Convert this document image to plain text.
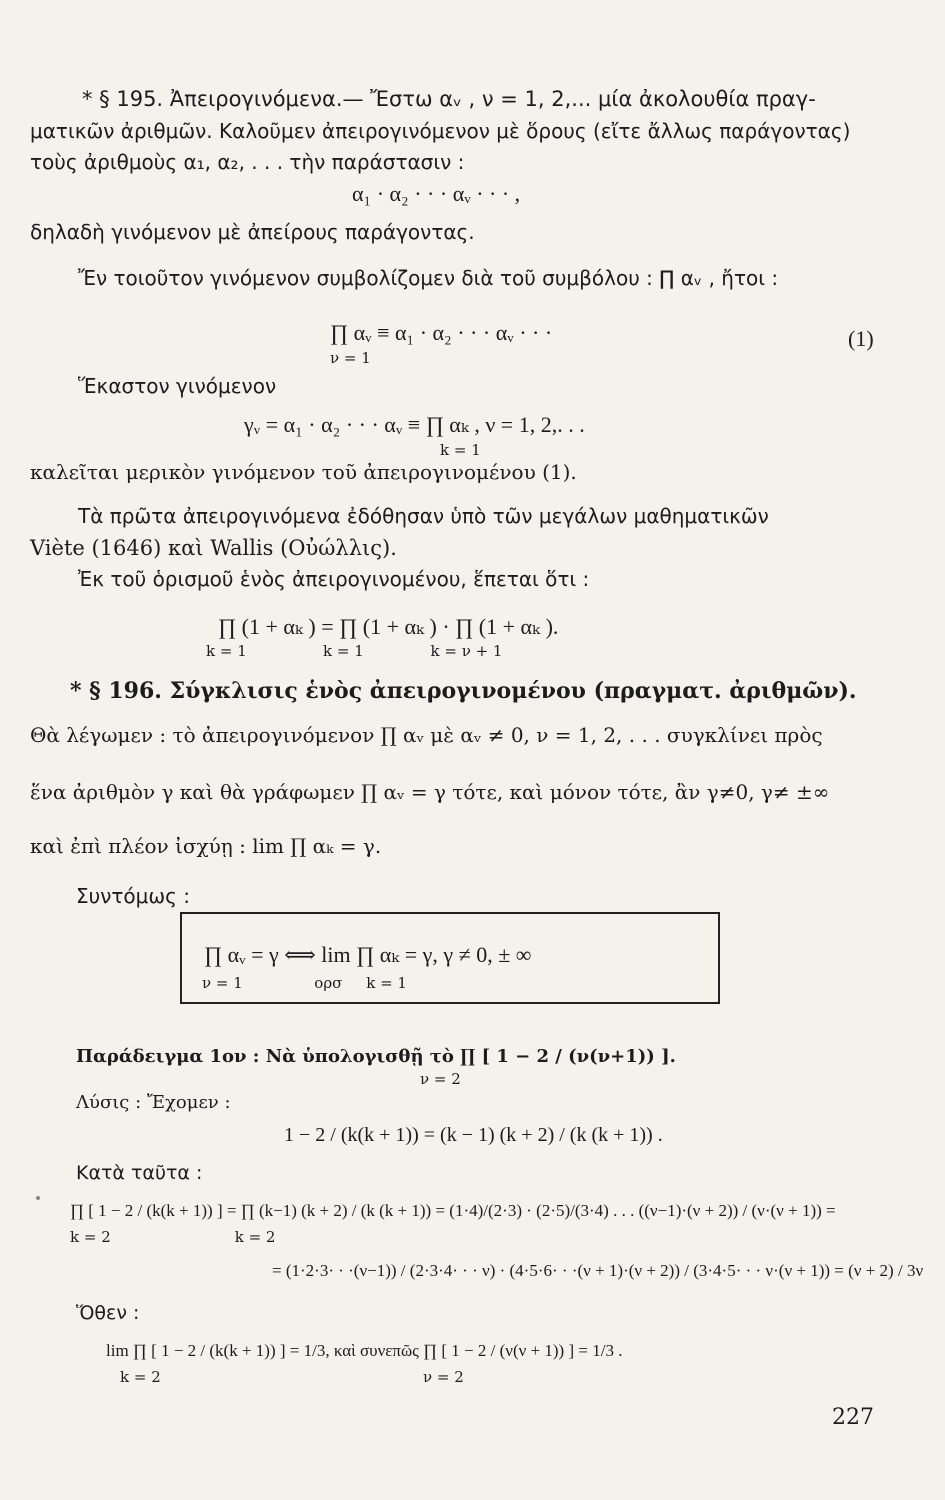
* § 195. Ἀπειρογινόμενα.— Ἔστω αᵥ , ν = 1, 2,... μία ἀκολουθία πραγ-
ματικῶν ἀριθμῶν. Καλοῦμεν ἀπειρογινόμενον μὲ ὅρους (εἴτε ἄλλως παράγοντας)
τοὺς ἀριθμοὺς α₁, α₂, . . . τὴν παράστασιν :
α₁ · α₂ · · · αᵥ · · · ,
δηλαδὴ γινόμενον μὲ ἀπείρους παράγοντας.
Ἔν τοιοῦτον γινόμενον συμβολίζομεν διὰ τοῦ συμβόλου : ∏ αᵥ , ἤτοι :
∏ αᵥ ≡ α₁ · α₂ · · · αᵥ · · ·
ν = 1
(1)
Ἕκαστον γινόμενον
γᵥ = α₁ · α₂ · · · αᵥ ≡ ∏ αₖ , ν = 1, 2,. . .
k = 1
καλεῖται μερικὸν γινόμενον τοῦ ἀπειρογινομένου (1).
Τὰ πρῶτα ἀπειρογινόμενα ἐδόθησαν ὑπὸ τῶν μεγάλων μαθηματικῶν
Viète (1646) καὶ Wallis (Οὐώλλις).
Ἐκ τοῦ ὁρισμοῦ ἑνὸς ἀπειρογινομένου, ἕπεται ὅτι :
∏ (1 + αₖ ) = ∏ (1 + αₖ ) · ∏ (1 + αₖ ).
k = 1                k = 1              k = ν + 1
* § 196. Σύγκλισις ἑνὸς ἀπειρογινομένου (πραγματ. ἀριθμῶν).
Θὰ λέγωμεν : τὸ ἀπειρογινόμενον ∏ αᵥ μὲ αᵥ ≠ 0, ν = 1, 2, . . . συγκλίνει πρὸς
ἕνα ἀριθμὸν γ καὶ θὰ γράφωμεν ∏ αᵥ = γ τότε, καὶ μόνον τότε, ἂν γ≠0, γ≠ ±∞
καὶ ἐπὶ πλέον ἰσχύῃ : lim ∏ αₖ = γ.
Συντόμως :
∏ αᵥ = γ ⟺ lim ∏ αₖ = γ, γ ≠ 0, ± ∞
ν = 1               ορσ     k = 1
Παράδειγμα 1ον : Νὰ ὑπολογισθῇ τὸ ∏ [ 1 − 2 / (ν(ν+1)) ].
ν = 2
Λύσις : Ἔχομεν :
1 − 2 / (k(k + 1)) = (k − 1) (k + 2) / (k (k + 1)) .
Κατὰ ταῦτα :
∏ [ 1 − 2 / (k(k + 1)) ] = ∏ (k−1) (k + 2) / (k (k + 1)) = (1·4)/(2·3) · (2·5)/(3·4) . . . ((ν−1)·(ν + 2)) / (ν·(ν + 1)) =
k = 2                          k = 2
= (1·2·3· · ·(ν−1)) / (2·3·4· · · ν) · (4·5·6· · ·(ν + 1)·(ν + 2)) / (3·4·5· · · ν·(ν + 1)) = (ν + 2) / 3ν
Ὅθεν :
lim ∏ [ 1 − 2 / (k(k + 1)) ] = 1/3, καὶ συνεπῶς ∏ [ 1 − 2 / (ν(ν + 1)) ] = 1/3 .
k = 2                                                       ν = 2
227
